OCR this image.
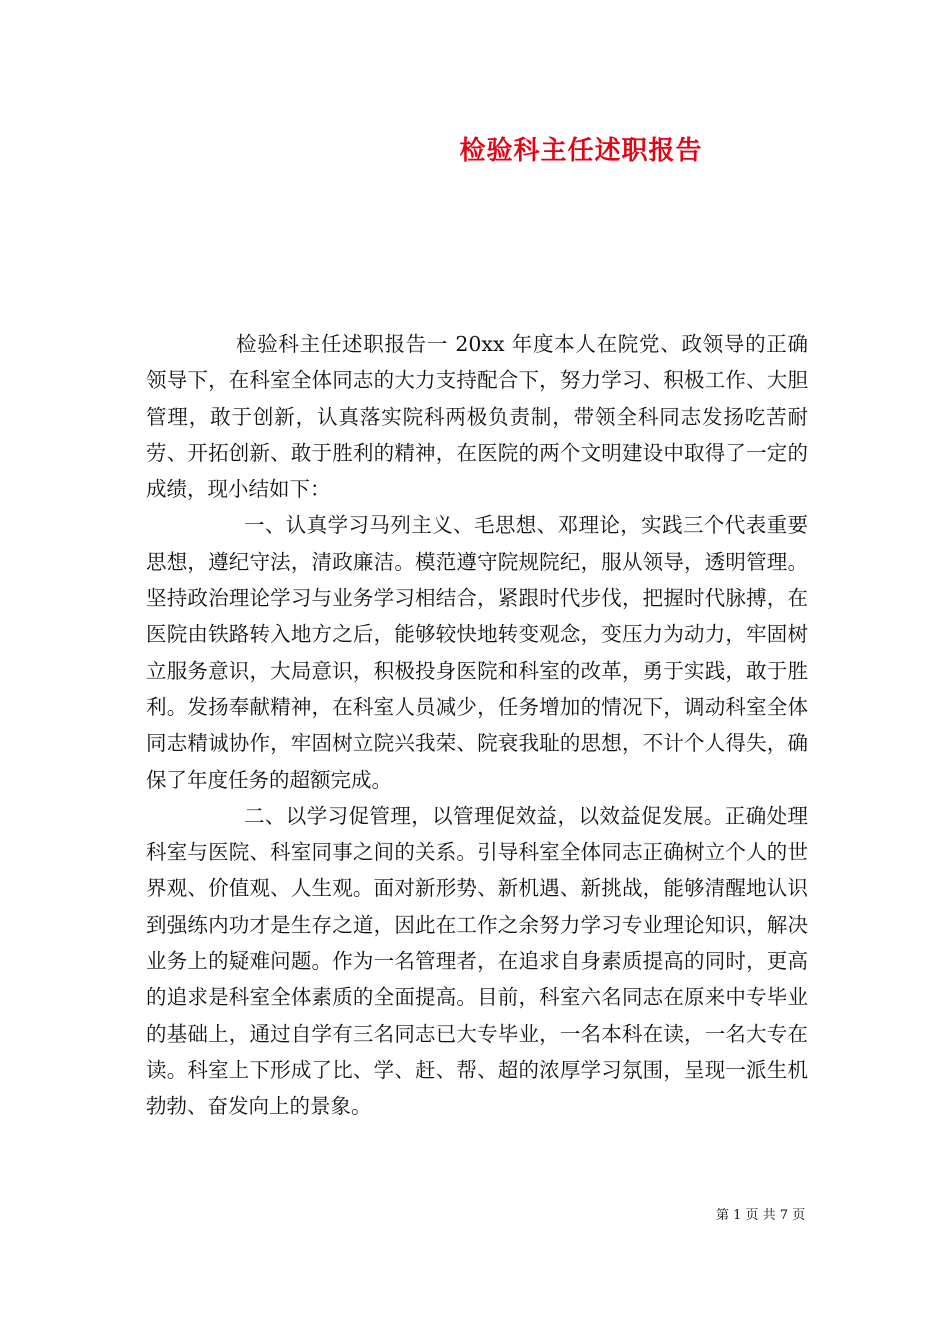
检验科主任述职报告

检验科主任述职报告一 20xx 年度本人在院党、政领导的正确领导下，在科室全体同志的大力支持配合下，努力学习、积极工作、大胆管理，敢于创新，认真落实院科两极负责制，带领全科同志发扬吃苦耐劳、开拓创新、敢于胜利的精神，在医院的两个文明建设中取得了一定的成绩，现小结如下：

一、认真学习马列主义、毛思想、邓理论，实践三个代表重要思想，遵纪守法，清政廉洁。模范遵守院规院纪，服从领导，透明管理。坚持政治理论学习与业务学习相结合，紧跟时代步伐，把握时代脉搏，在医院由铁路转入地方之后，能够较快地转变观念，变压力为动力，牢固树立服务意识，大局意识，积极投身医院和科室的改革，勇于实践，敢于胜利。发扬奉献精神，在科室人员减少，任务增加的情况下，调动科室全体同志精诚协作，牢固树立院兴我荣、院衰我耻的思想，不计个人得失，确保了年度任务的超额完成。

二、以学习促管理，以管理促效益，以效益促发展。正确处理科室与医院、科室同事之间的关系。引导科室全体同志正确树立个人的世界观、价值观、人生观。面对新形势、新机遇、新挑战，能够清醒地认识到强练内功才是生存之道，因此在工作之余努力学习专业理论知识，解决业务上的疑难问题。作为一名管理者，在追求自身素质提高的同时，更高的追求是科室全体素质的全面提高。目前，科室六名同志在原来中专毕业的基础上，通过自学有三名同志已大专毕业，一名本科在读，一名大专在读。科室上下形成了比、学、赶、帮、超的浓厚学习氛围，呈现一派生机勃勃、奋发向上的景象。

第 1 页 共 7 页
